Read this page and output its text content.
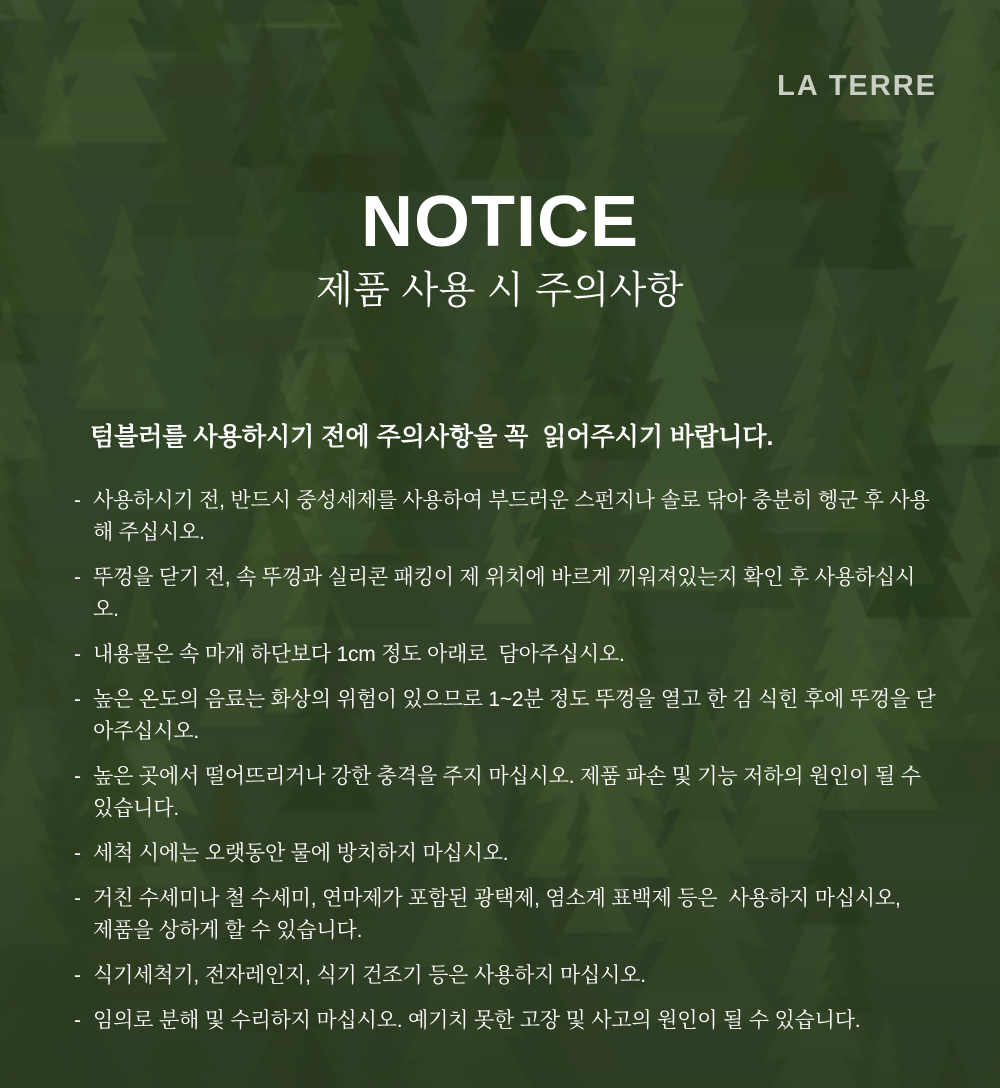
LA TERRE
NOTICE
제품 사용 시 주의사항

텀블러를 사용하시기 전에 주의사항을 꼭  읽어주시기 바랍니다.

- 사용하시기 전, 반드시 중성세제를 사용하여 부드러운 스펀지나 솔로 닦아 충분히 헹군 후 사용해 주십시오.
- 뚜껑을 닫기 전, 속 뚜껑과 실리콘 패킹이 제 위치에 바르게 끼워져있는지 확인 후 사용하십시오.
- 내용물은 속 마개 하단보다 1cm 정도 아래로  담아주십시오.
- 높은 온도의 음료는 화상의 위험이 있으므로 1~2분 정도 뚜껑을 열고 한 김 식힌 후에 뚜껑을 닫아주십시오.
- 높은 곳에서 떨어뜨리거나 강한 충격을 주지 마십시오. 제품 파손 및 기능 저하의 원인이 될 수 있습니다.
- 세척 시에는 오랫동안 물에 방치하지 마십시오.
- 거친 수세미나 철 수세미, 연마제가 포함된 광택제, 염소계 표백제 등은  사용하지 마십시오,
제품을 상하게 할 수 있습니다.
- 식기세척기, 전자레인지, 식기 건조기 등은 사용하지 마십시오.
- 임의로 분해 및 수리하지 마십시오. 예기치 못한 고장 및 사고의 원인이 될 수 있습니다.
